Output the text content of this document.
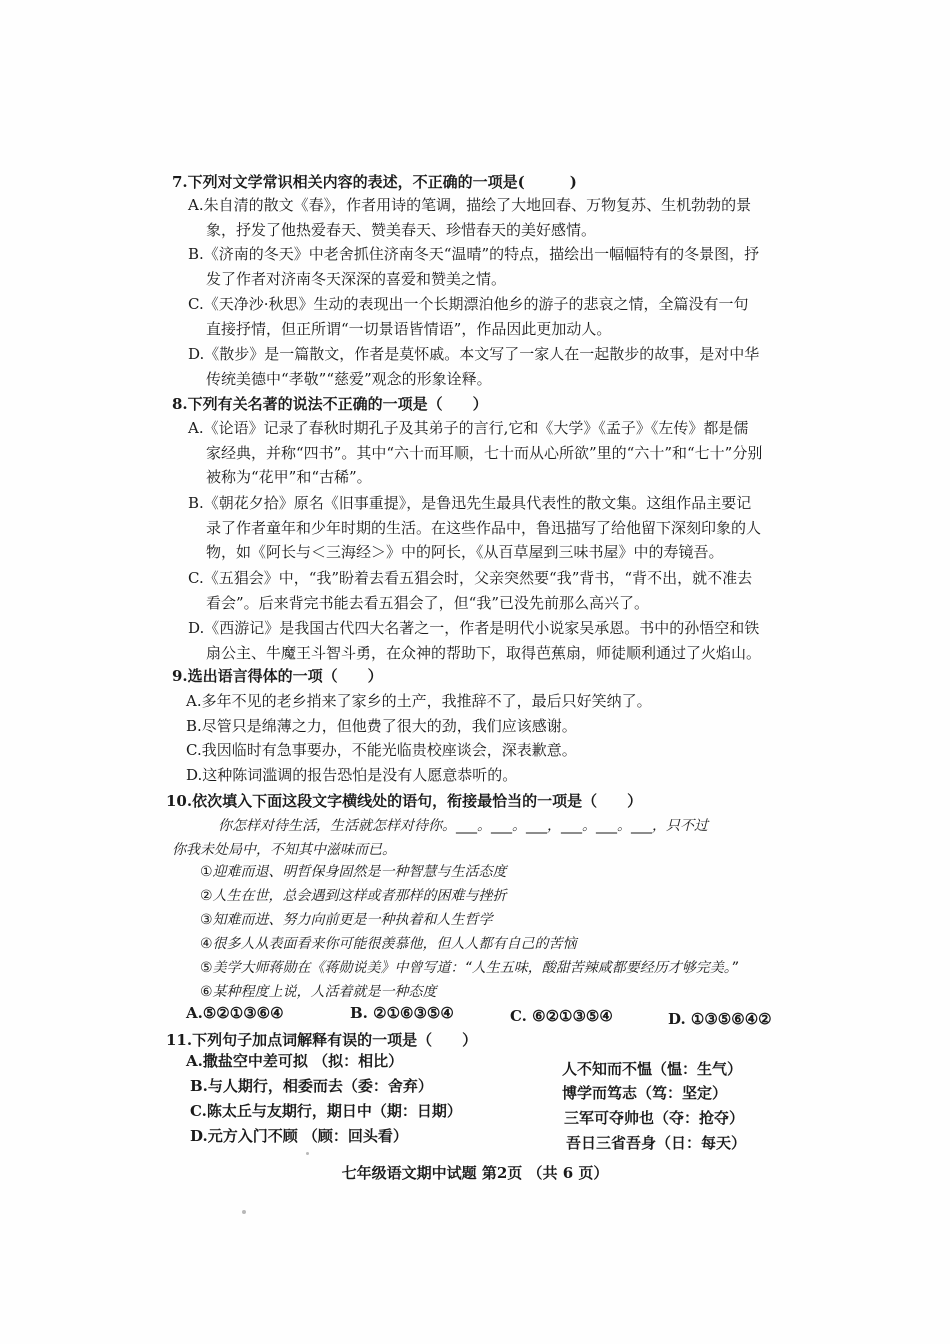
7.下列对文学常识相关内容的表述，不正确的一项是(　　　)
A.朱自清的散文《春》，作者用诗的笔调，描绘了大地回春、万物复苏、生机勃勃的景
象，抒发了他热爱春天、赞美春天、珍惜春天的美好感情。
B.《济南的冬天》中老舍抓住济南冬天“温晴”的特点，描绘出一幅幅特有的冬景图，抒
发了作者对济南冬天深深的喜爱和赞美之情。
C.《天净沙·秋思》生动的表现出一个长期漂泊他乡的游子的悲哀之情，全篇没有一句
直接抒情，但正所谓“一切景语皆情语”，作品因此更加动人。
D.《散步》是一篇散文，作者是莫怀戚。本文写了一家人在一起散步的故事，是对中华
传统美德中“孝敬”“慈爱”观念的形象诠释。
8.下列有关名著的说法不正确的一项是（　　）
A.《论语》记录了春秋时期孔子及其弟子的言行,它和《大学》《孟子》《左传》都是儒
家经典，并称“四书”。其中“六十而耳顺，七十而从心所欲”里的“六十”和“七十”分别
被称为“花甲”和“古稀”。
B.《朝花夕拾》原名《旧事重提》，是鲁迅先生最具代表性的散文集。这组作品主要记
录了作者童年和少年时期的生活。在这些作品中，鲁迅描写了给他留下深刻印象的人
物，如《阿长与＜三海经＞》中的阿长，《从百草屋到三味书屋》中的寿镜吾。
C.《五猖会》中，“我”盼着去看五猖会时，父亲突然要“我”背书，“背不出，就不准去
看会”。后来背完书能去看五猖会了，但“我”已没先前那么高兴了。
D.《西游记》是我国古代四大名著之一，作者是明代小说家吴承恩。书中的孙悟空和铁
扇公主、牛魔王斗智斗勇，在众神的帮助下，取得芭蕉扇，师徒顺利通过了火焰山。
9.选出语言得体的一项（　　）
A.多年不见的老乡捎来了家乡的土产，我推辞不了，最后只好笑纳了。
B.尽管只是绵薄之力，但他费了很大的劲，我们应该感谢。
C.我因临时有急事要办，不能光临贵校座谈会，深表歉意。
D.这种陈词滥调的报告恐怕是没有人愿意恭听的。
10.依次填入下面这段文字横线处的语句，衔接最恰当的一项是（　　）
你怎样对待生活，生活就怎样对待你。___。___。___，___。___。___，只不过
你我未处局中，不知其中滋味而已。
①迎难而退、明哲保身固然是一种智慧与生活态度
②人生在世，总会遇到这样或者那样的困难与挫折
③知难而进、努力向前更是一种执着和人生哲学
④很多人从表面看来你可能很羡慕他，但人人都有自己的苦恼
⑤美学大师蒋勋在《蒋勋说美》中曾写道：“人生五味，酸甜苦辣咸都要经历才够完美。”
⑥某种程度上说，人活着就是一种态度
A.⑤②①③⑥④	B. ②①⑥③⑤④	C. ⑥②①③⑤④	D. ①③⑤⑥④②
11.下列句子加点词解释有误的一项是（　　）
A.撒盐空中差可拟 （拟：相比）	人不知而不愠（愠：生气）
B.与人期行，相委而去（委：舍弃）	博学而笃志（笃：坚定）
C.陈太丘与友期行，期日中（期：日期）	三军可夺帅也（夺：抢夺）
D.元方入门不顾 （顾：回头看）	吾日三省吾身（日：每天）
七年级语文期中试题 第2页 （共 6 页）
